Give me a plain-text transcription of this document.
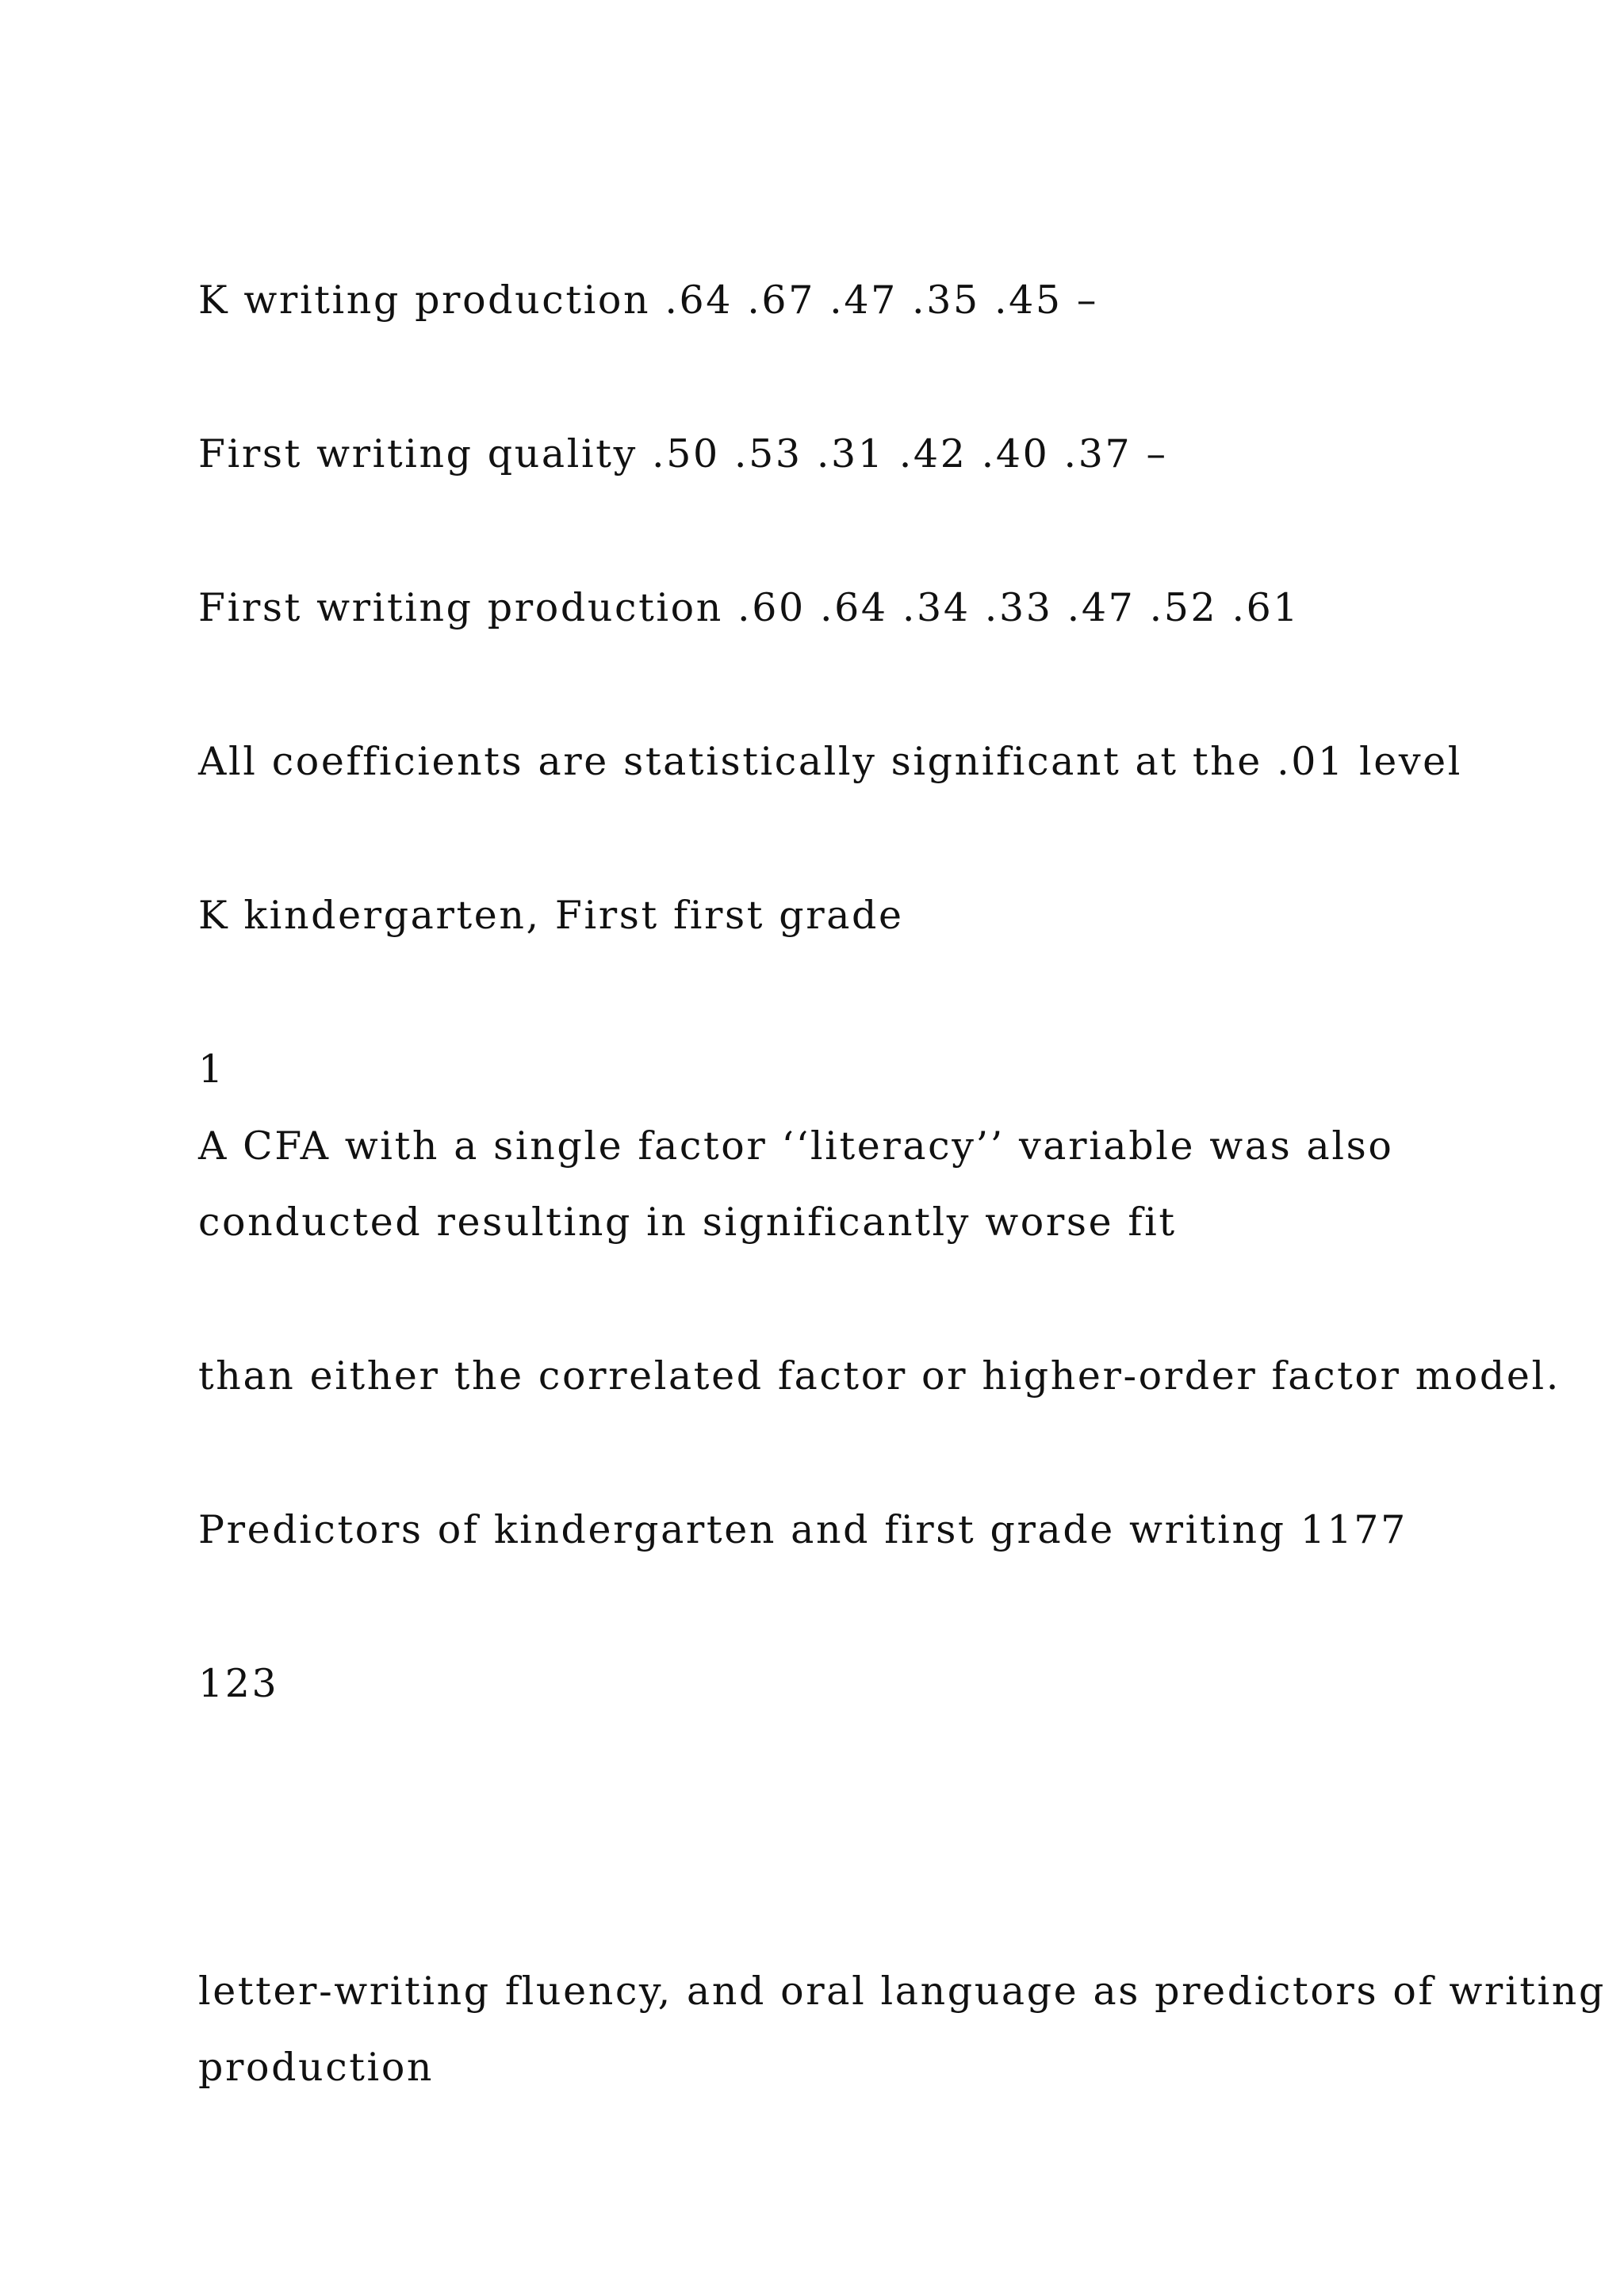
K writing production .64 .67 .47 .35 .45 –

First writing quality .50 .53 .31 .42 .40 .37 –

First writing production .60 .64 .34 .33 .47 .52 .61

All coefficients are statistically significant at the .01 level

K kindergarten, First first grade

1

A CFA with a single factor ‘‘literacy’’ variable was also

conducted resulting in significantly worse fit

than either the correlated factor or higher-order factor model.

Predictors of kindergarten and first grade writing 1177

123

letter-writing fluency, and oral language as predictors of writing

production
